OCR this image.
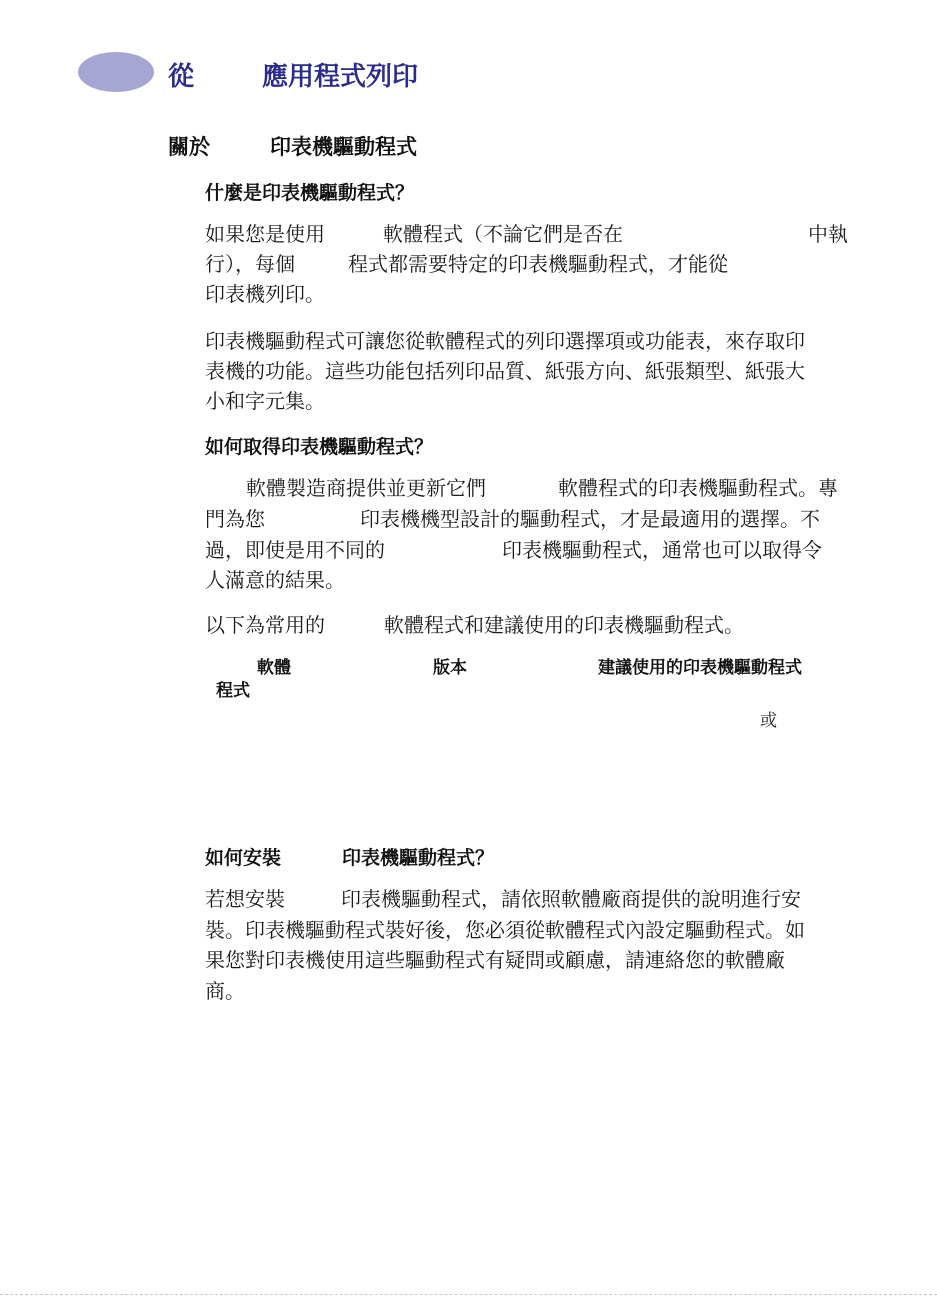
從	應用程式列印
關於	印表機驅動程式
什麼是印表機驅動程式？

如果您是使用	軟體程式（不論它們是否在	中執

行），每個	程式都需要特定的印表機驅動程式，才能從

印表機列印。

印表機驅動程式可讓您從軟體程式的列印選擇項或功能表，來存取印

表機的功能。這些功能包括列印品質、紙張方向、紙張類型、紙張大

小和字元集。

如何取得印表機驅動程式？

軟體製造商提供並更新它們	軟體程式的印表機驅動程式。專

門為您	印表機機型設計的驅動程式，才是最適用的選擇。不

過，即使是用不同的	印表機驅動程式，通常也可以取得令

人滿意的結果。

以下為常用的	軟體程式和建議使用的印表機驅動程式。

軟體
程式
版本	建議使用的印表機驅動程式
或
如何安裝	印表機驅動程式？

若想安裝	印表機驅動程式，請依照軟體廠商提供的說明進行安

裝。印表機驅動程式裝好後，您必須從軟體程式內設定驅動程式。如

果您對印表機使用這些驅動程式有疑問或顧慮，請連絡您的軟體廠

商。
